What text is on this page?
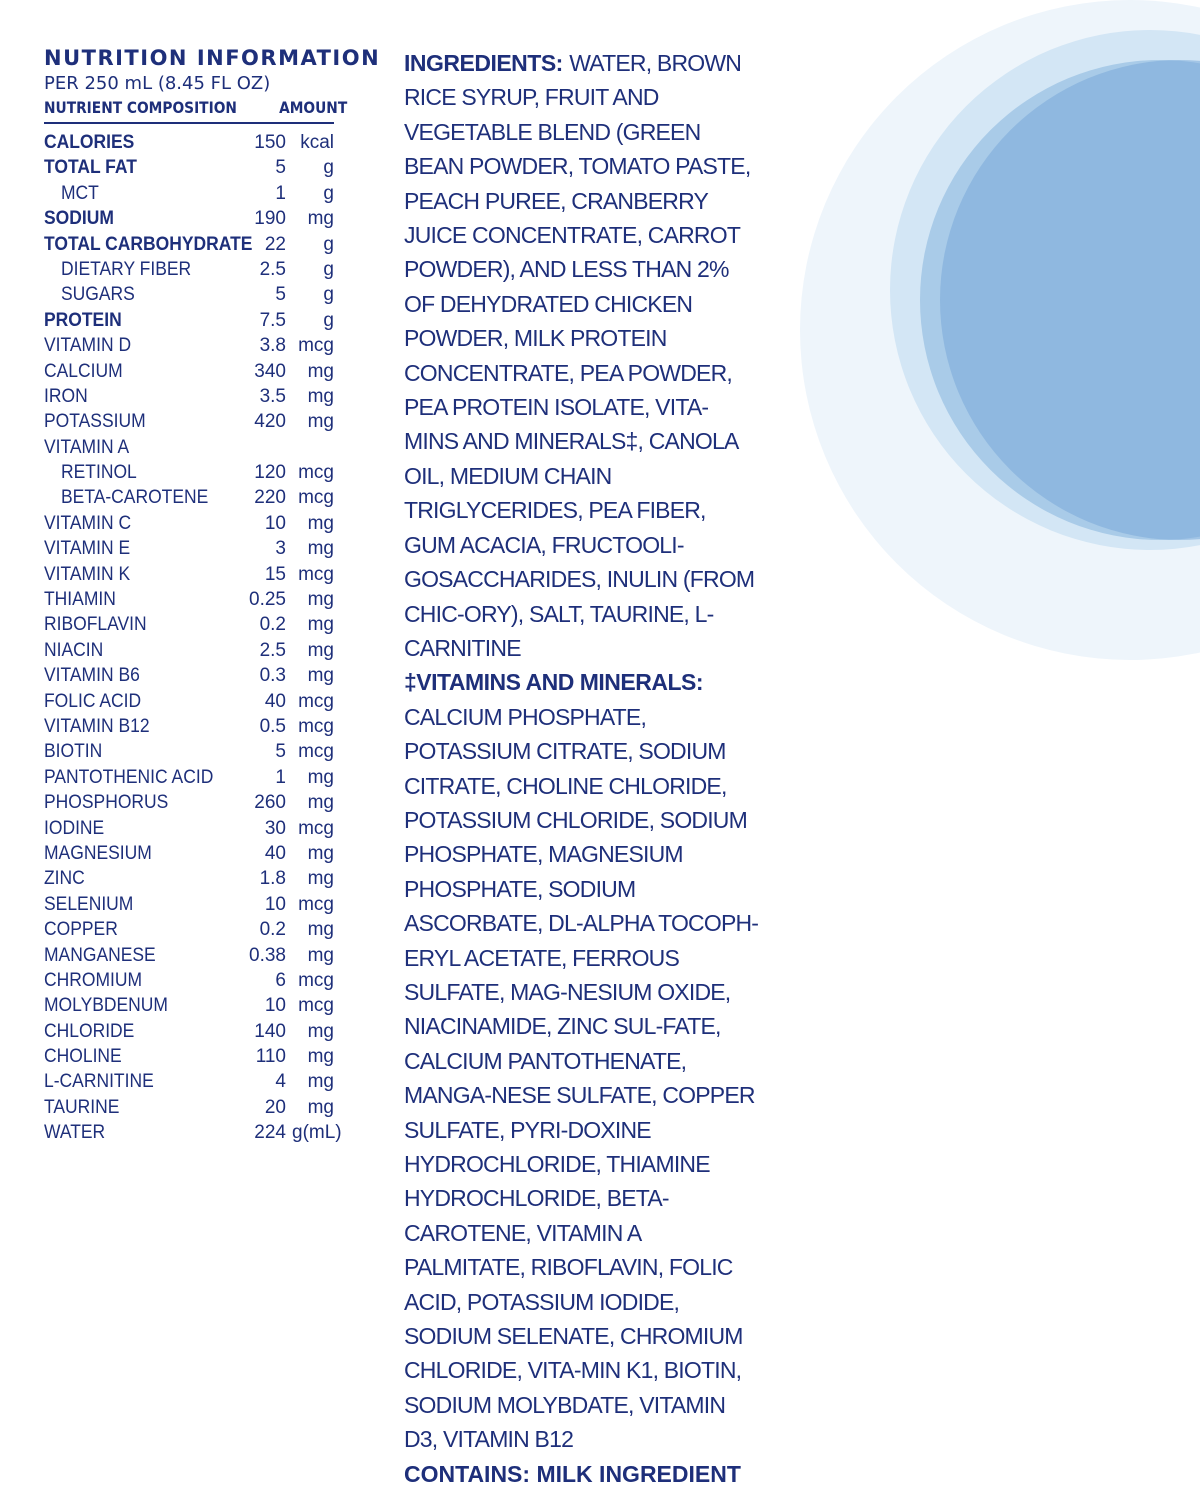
NUTRITION INFORMATION
PER 250 mL (8.45 FL OZ)
NUTRIENT COMPOSITION	AMOUNT
CALORIES	150 kcal
TOTAL FAT	5	g
MCT	1	g
SODIUM	190	mg
TOTAL CARBOHYDRATE 22	g
DIETARY FIBER	2.5	g
SUGARS	5	g
PROTEIN	7.5	g
VITAMIN D	3.8 mcg
CALCIUM	340	mg
IRON	3.5	mg
POTASSIUM	420	mg
VITAMIN A
RETINOL	120 mcg
BETA-CAROTENE 220 mcg
VITAMIN C	10	mg
VITAMIN E	3	mg
VITAMIN K	15 mcg
THIAMIN	0.25	mg
RIBOFLAVIN	0.2	mg
NIACIN	2.5	mg
VITAMIN B6	0.3	mg
FOLIC ACID	40 mcg
VITAMIN B12	0.5 mcg
BIOTIN	5 mcg
PANTOTHENIC ACID	1	mg
PHOSPHORUS	260	mg
IODINE	30 mcg
MAGNESIUM	40	mg
ZINC	1.8	mg
SELENIUM	10 mcg
COPPER	0.2	mg
MANGANESE	0.38	mg
CHROMIUM	6 mcg
MOLYBDENUM	10 mcg
CHLORIDE	140	mg
CHOLINE	110	mg
L-CARNITINE	4	mg
TAURINE	20	mg
WATER	224 g(mL)

INGREDIENTS: WATER, BROWN RICE SYRUP, FRUIT AND VEGETABLE BLEND (GREEN BEAN POWDER, TOMATO PASTE, PEACH PUREE, CRANBERRY JUICE CONCENTRATE, CARROT POWDER), AND LESS THAN 2% OF DEHYDRATED CHICKEN POWDER, MILK PROTEIN CONCENTRATE, PEA POWDER, PEA PROTEIN ISOLATE, VITA-MINS AND MINERALS‡, CANOLA OIL, MEDIUM CHAIN TRIGLYCERIDES, PEA FIBER, GUM ACACIA, FRUCTOOLI-GOSACCHARIDES, INULIN (FROM CHIC-ORY), SALT, TAURINE, L-CARNITINE

‡VITAMINS AND MINERALS: CALCIUM PHOSPHATE, POTASSIUM CITRATE, SODIUM CITRATE, CHOLINE CHLORIDE, POTASSIUM CHLORIDE, SODIUM PHOSPHATE, MAGNESIUM PHOSPHATE, SODIUM ASCORBATE, DL-ALPHA TOCOPH-ERYL ACETATE, FERROUS SULFATE, MAG-NESIUM OXIDE, NIACINAMIDE, ZINC SUL-FATE, CALCIUM PANTOTHENATE, MANGA-NESE SULFATE, COPPER SULFATE, PYRI-DOXINE HYDROCHLORIDE, THIAMINE HYDROCHLORIDE, BETA-CAROTENE, VITAMIN A PALMITATE, RIBOFLAVIN, FOLIC ACID, POTASSIUM IODIDE, SODIUM SELENATE, CHROMIUM CHLORIDE, VITA-MIN K1, BIOTIN, SODIUM MOLYBDATE, VITAMIN D3, VITAMIN B12

CONTAINS: MILK INGREDIENT
